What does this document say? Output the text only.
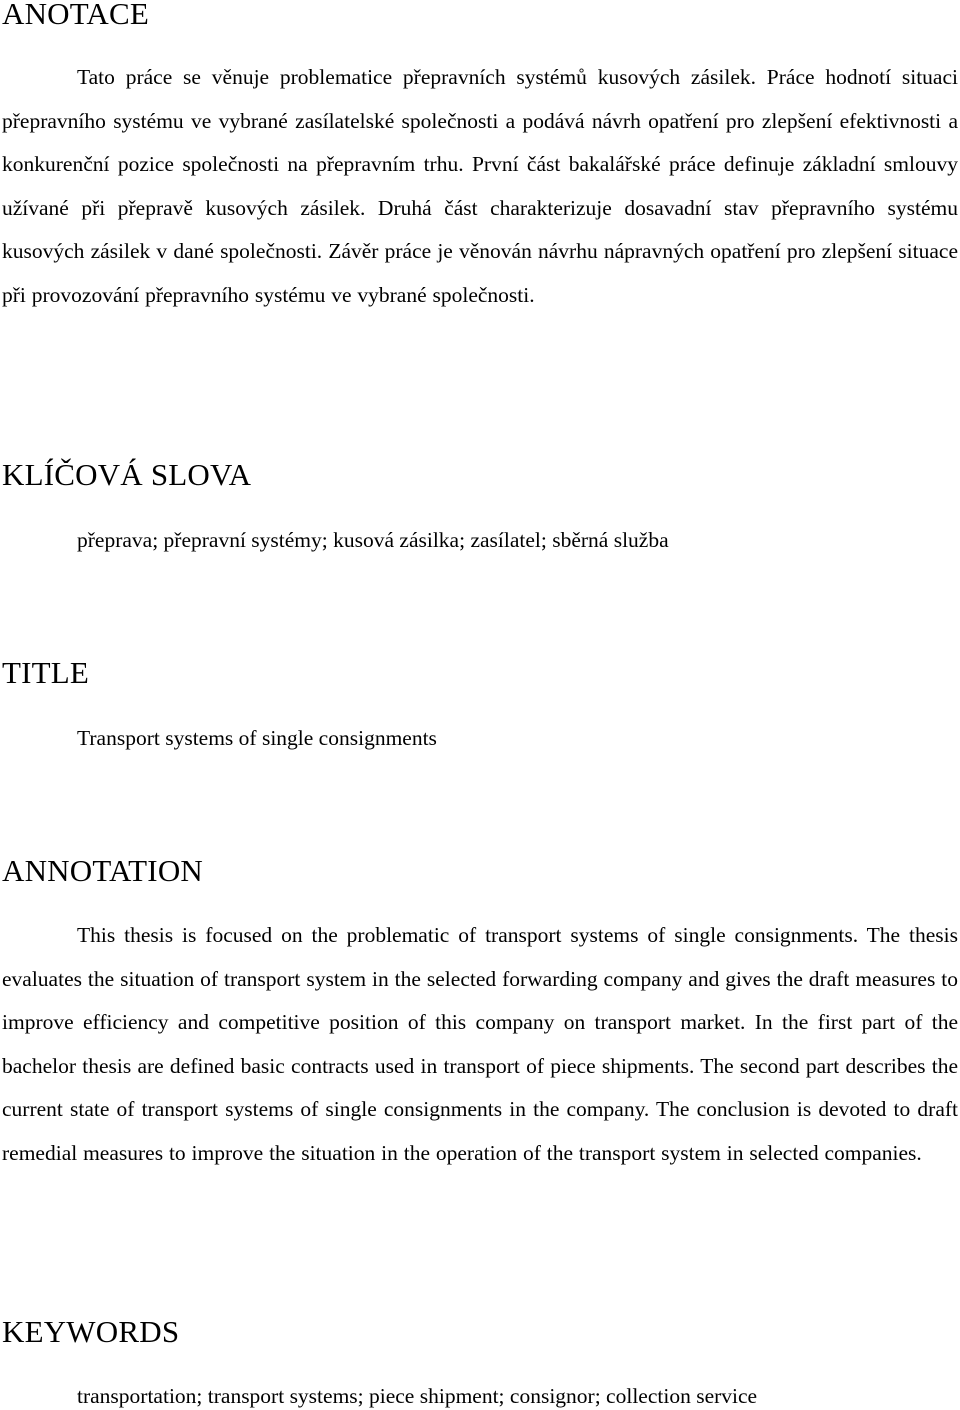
ANOTACE

Tato práce se věnuje problematice přepravních systémů kusových zásilek. Práce hodnotí situaci přepravního systému ve vybrané zasílatelské společnosti a podává návrh opatření pro zlepšení efektivnosti a konkurenční pozice společnosti na přepravním trhu. První část bakalářské práce definuje základní smlouvy užívané při přepravě kusových zásilek. Druhá část charakterizuje dosavadní stav přepravního systému kusových zásilek v dané společnosti. Závěr práce je věnován návrhu nápravných opatření pro zlepšení situace při provozování přepravního systému ve vybrané společnosti.

KLÍČOVÁ SLOVA

přeprava; přepravní systémy; kusová zásilka; zasílatel; sběrná služba

TITLE

Transport systems of single consignments

ANNOTATION

This thesis is focused on the problematic of transport systems of single consignments. The thesis evaluates the situation of transport system in the selected forwarding company and gives the draft measures to improve efficiency and competitive position of this company on transport market. In the first part of the bachelor thesis are defined basic contracts used in transport of piece shipments. The second part describes the current state of transport systems of single consignments in the company. The conclusion is devoted to draft remedial measures to improve the situation in the operation of the transport system in selected companies.

KEYWORDS

transportation; transport systems; piece shipment; consignor; collection service
